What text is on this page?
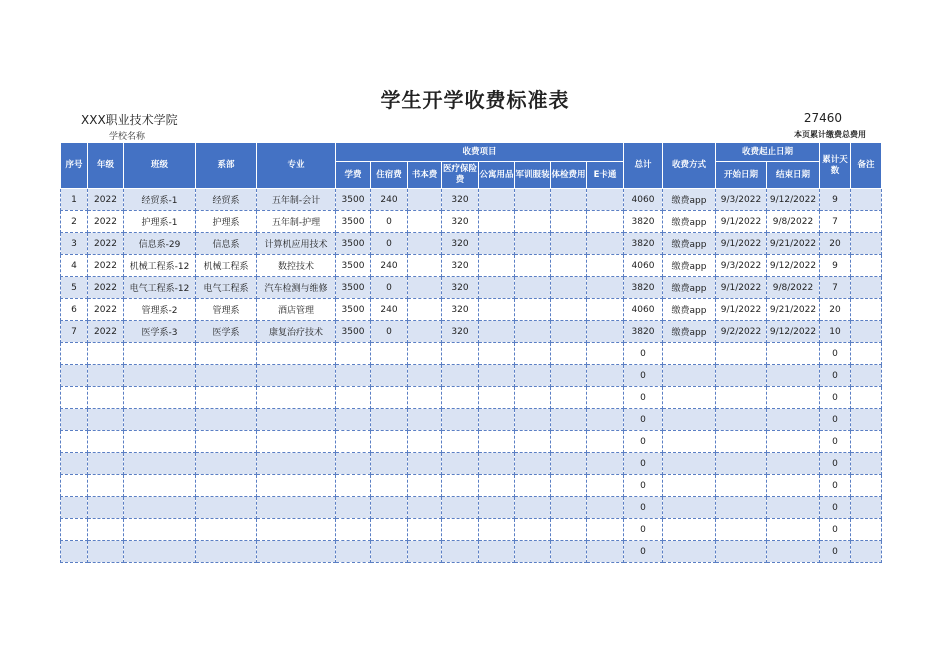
学生开学收费标准表
XXX职业技术学院
学校名称
27460
本页累计缴费总费用
序号	年级	班级	系部	专业	收费项目								总计	收费方式	收费起止日期		累计天数	备注
					学费	住宿费	书本费	医疗保险费	公寓用品	军训服装	体检费用	E卡通			开始日期	结束日期		
1	2022	经贸系-1	经贸系	五年制-会计	3500	240		320					4060	缴费app	9/3/2022	9/12/2022	9	
2	2022	护理系-1	护理系	五年制-护理	3500	0		320					3820	缴费app	9/1/2022	9/8/2022	7	
3	2022	信息系-29	信息系	计算机应用技术	3500	0		320					3820	缴费app	9/1/2022	9/21/2022	20	
4	2022	机械工程系-12	机械工程系	数控技术	3500	240		320					4060	缴费app	9/3/2022	9/12/2022	9	
5	2022	电气工程系-12	电气工程系	汽车检测与维修	3500	0		320					3820	缴费app	9/1/2022	9/8/2022	7	
6	2022	管理系-2	管理系	酒店管理	3500	240		320					4060	缴费app	9/1/2022	9/21/2022	20	
7	2022	医学系-3	医学系	康复治疗技术	3500	0		320					3820	缴费app	9/2/2022	9/12/2022	10	
													0				0	
													0				0	
													0				0	
													0				0	
													0				0	
													0				0	
													0				0	
													0				0	
													0				0	
													0				0	
